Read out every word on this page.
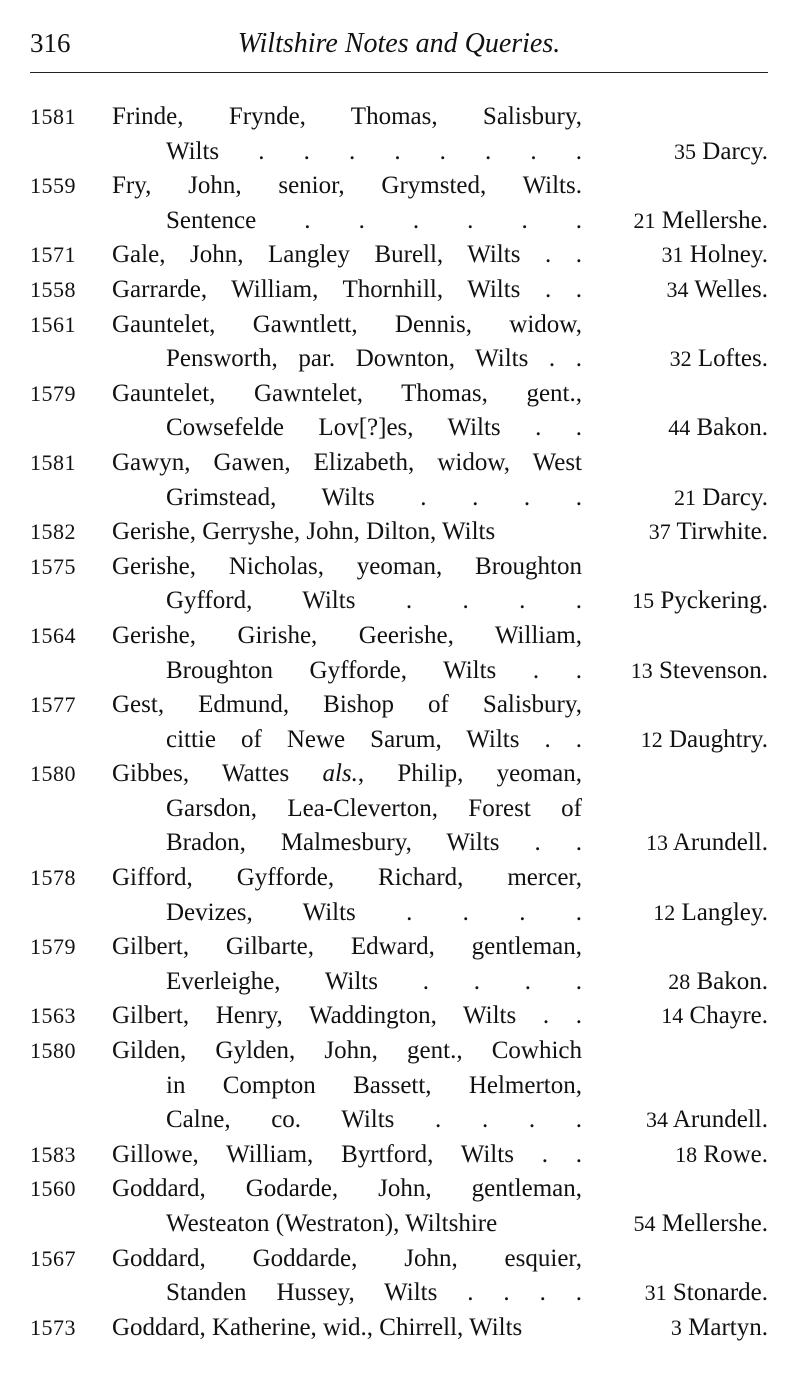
316	Wiltshire Notes and Queries.
1581 Frinde, Frynde, Thomas, Salisbury,
Wilts . . . . . . . .	35 Darcy.
1559 Fry, John, senior, Grymsted, Wilts.
Sentence . . . . . . 21 Mellershe.
1571 Gale, John, Langley Burell, Wilts . .	31 Holney.
1558 Garrarde, William, Thornhill, Wilts . .	34 Welles.
1561 Gauntelet, Gawntlett, Dennis, widow,
Pensworth, par. Downton, Wilts . .	32 Loftes.
1579 Gauntelet, Gawntelet, Thomas, gent.,
Cowsefelde Lov[?]es, Wilts . .	44 Bakon.
1581 Gawyn, Gawen, Elizabeth, widow, West
Grimstead, Wilts . . . .	21 Darcy.
1582 Gerishe, Gerryshe, John, Dilton, Wilts	37 Tirwhite.
1575 Gerishe, Nicholas, yeoman, Broughton
Gyfford, Wilts . . . . 15 Pyckering.
1564 Gerishe, Girishe, Geerishe, William,
Broughton Gyfforde, Wilts . . 13 Stevenson.
1577 Gest, Edmund, Bishop of Salisbury,
cittie of Newe Sarum, Wilts . .	12 Daughtry.
1580 Gibbes, Wattes als., Philip, yeoman,
Garsdon, Lea-Cleverton, Forest of
Bradon, Malmesbury, Wilts . .	13 Arundell.
1578 Gifford, Gyfforde, Richard, mercer,
Devizes, Wilts . . . .	12 Langley.
1579 Gilbert, Gilbarte, Edward, gentleman,
Everleighe, Wilts . . . .	28 Bakon.
1563 Gilbert, Henry, Waddington, Wilts . .	14 Chayre.
1580 Gilden, Gylden, John, gent., Cowhich
in Compton Bassett, Helmerton,
Calne, co. Wilts . . . .	34 Arundell.
1583 Gillowe, William, Byrtford, Wilts . .	18 Rowe.
1560 Goddard, Godarde, John, gentleman,
Westeaton (Westraton), Wiltshire	54 Mellershe.
1567 Goddard, Goddarde, John, esquier,
Standen Hussey, Wilts . . . .	31 Stonarde.
1573 Goddard, Katherine, wid., Chirrell, Wilts	3 Martyn.
